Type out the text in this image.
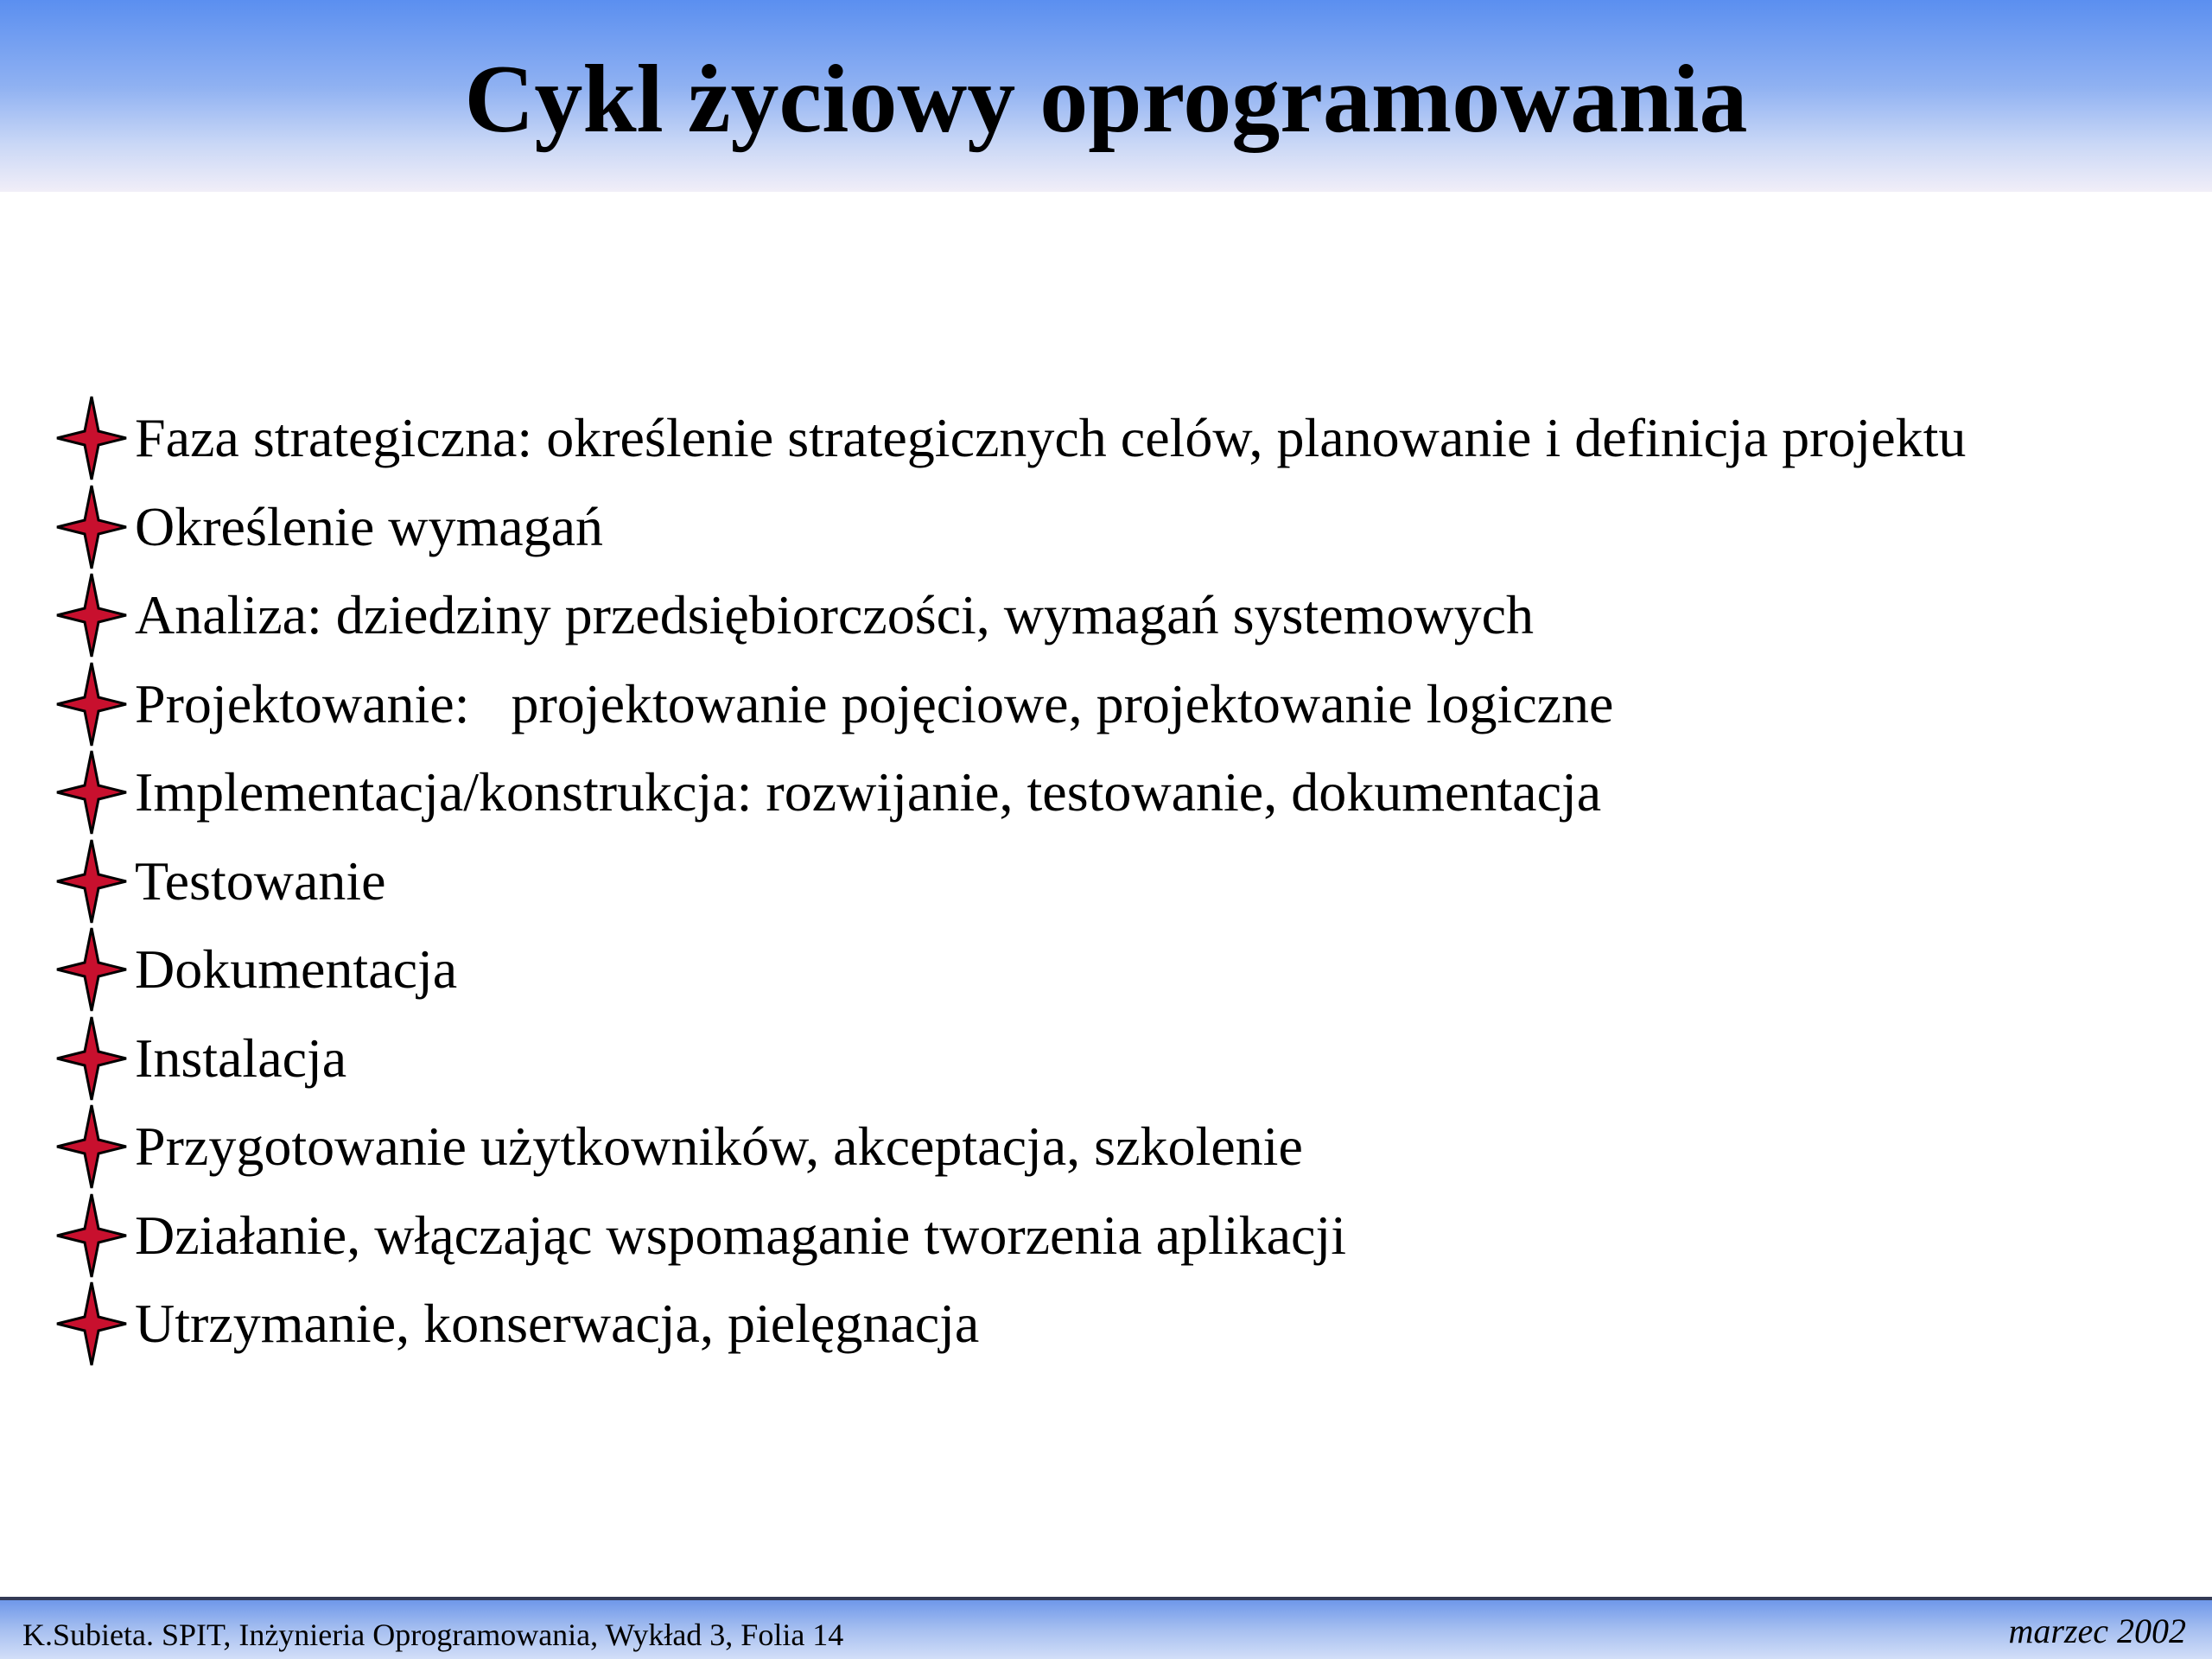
Cykl życiowy oprogramowania
Faza strategiczna: określenie strategicznych celów, planowanie i definicja projektu
Określenie wymagań
Analiza: dziedziny przedsiębiorczości, wymagań systemowych
Projektowanie:   projektowanie pojęciowe, projektowanie logiczne
Implementacja/konstrukcja: rozwijanie, testowanie, dokumentacja
Testowanie
Dokumentacja
Instalacja
Przygotowanie użytkowników, akceptacja, szkolenie
Działanie, włączając wspomaganie tworzenia aplikacji
Utrzymanie, konserwacja, pielęgnacja
K.Subieta. SPIT, Inżynieria Oprogramowania, Wykład 3, Folia 14	marzec 2002
